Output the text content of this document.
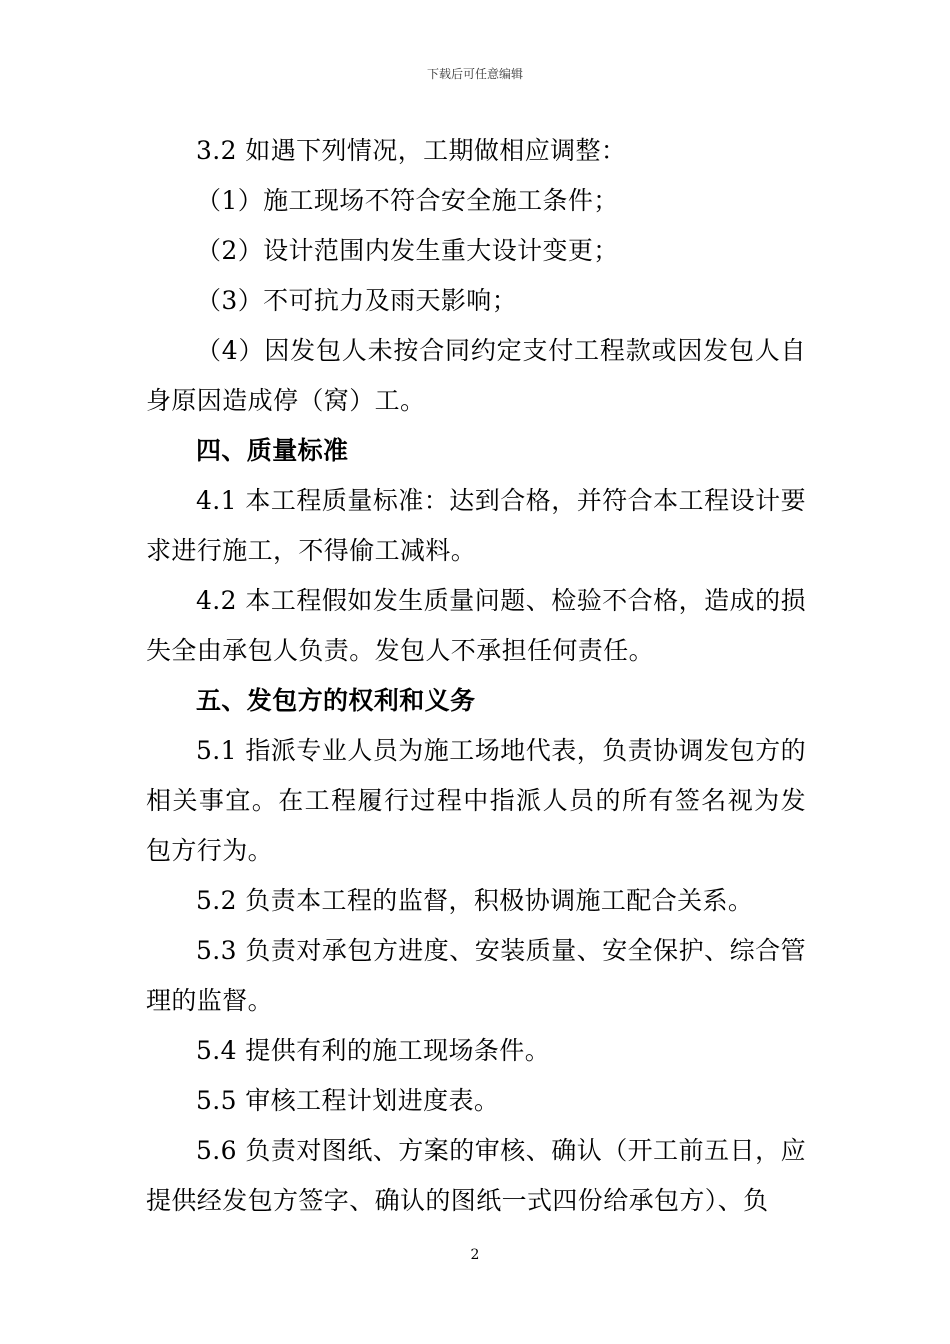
下载后可任意编辑

3.2 如遇下列情况，工期做相应调整：

（1）施工现场不符合安全施工条件；

（2）设计范围内发生重大设计变更；

（3）不可抗力及雨天影响；

（4）因发包人未按合同约定支付工程款或因发包人自身原因造成停（窝）工。

四、质量标准

4.1 本工程质量标准：达到合格，并符合本工程设计要求进行施工，不得偷工减料。

4.2 本工程假如发生质量问题、检验不合格，造成的损失全由承包人负责。发包人不承担任何责任。

五、发包方的权利和义务

5.1 指派专业人员为施工场地代表，负责协调发包方的相关事宜。在工程履行过程中指派人员的所有签名视为发包方行为。

5.2 负责本工程的监督，积极协调施工配合关系。

5.3 负责对承包方进度、安装质量、安全保护、综合管理的监督。

5.4 提供有利的施工现场条件。

5.5 审核工程计划进度表。

5.6 负责对图纸、方案的审核、确认（开工前五日，应提供经发包方签字、确认的图纸一式四份给承包方）、负

2
